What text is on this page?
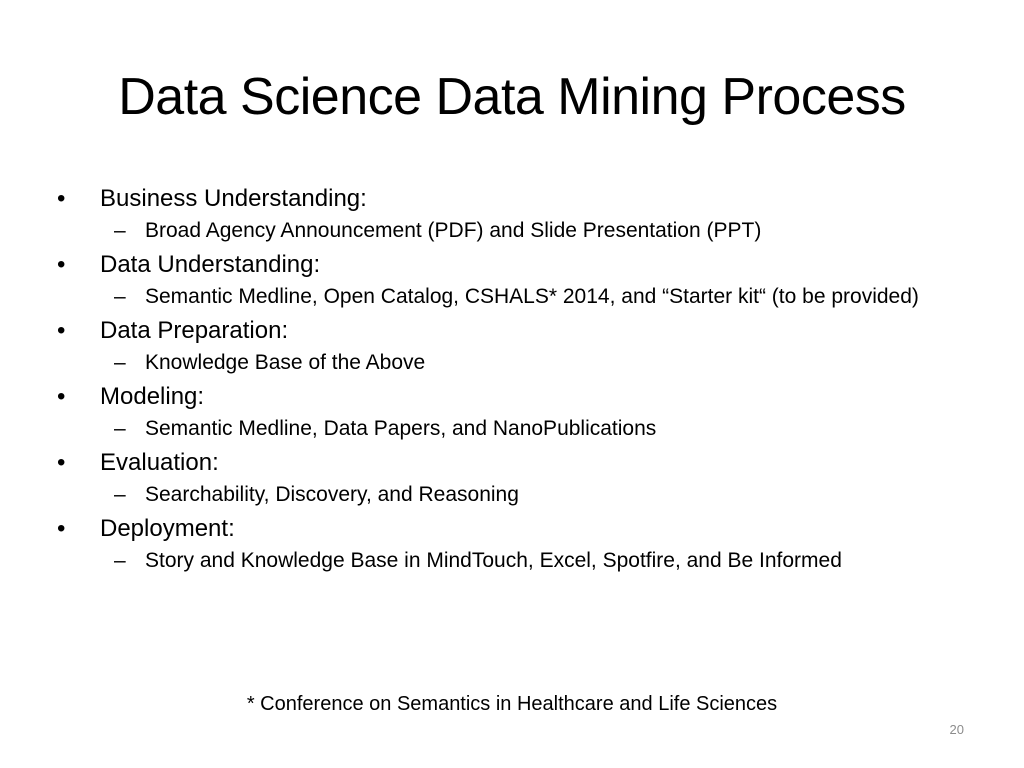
Data Science Data Mining Process
•	Business Understanding:
– Broad Agency Announcement (PDF) and Slide Presentation (PPT)
•	Data Understanding:
– Semantic Medline, Open Catalog, CSHALS* 2014, and “Starter kit“ (to be provided)
•	Data Preparation:
– Knowledge Base of the Above
•	Modeling:
– Semantic Medline, Data Papers, and NanoPublications
•	Evaluation:
– Searchability, Discovery, and Reasoning
•	Deployment:
– Story and Knowledge Base in MindTouch, Excel, Spotfire, and Be Informed
* Conference on Semantics in Healthcare and Life Sciences
20
